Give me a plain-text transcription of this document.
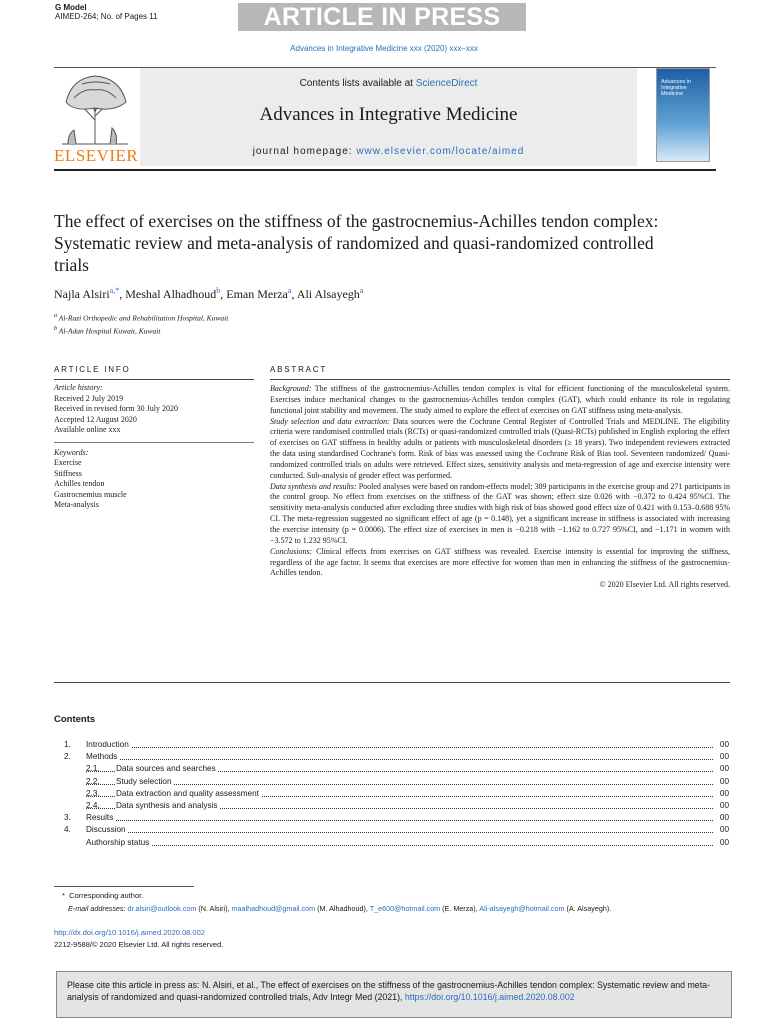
G Model
AIMED-264; No. of Pages 11	ARTICLE IN PRESS
Advances in Integrative Medicine xxx (2020) xxx–xxx
ELSEVIER
Contents lists available at ScienceDirect
Advances in Integrative Medicine
journal homepage: www.elsevier.com/locate/aimed
Advances in Integrative Medicine
The effect of exercises on the stiffness of the gastrocnemius-Achilles tendon complex: Systematic review and meta-analysis of randomized and quasi-randomized controlled trials
Najla Alsiri$^{a,*}$, Meshal Alhadhoud$^b$, Eman Merza$^a$, Ali Alsayegh$^a$
$^a$ Al-Razi Orthopedic and Rehabilitation Hospital, Kuwait
$^b$ Al-Adan Hospital Kuwait, Kuwait
ARTICLE INFO
Article history:
Received 2 July 2019
Received in revised form 30 July 2020
Accepted 12 August 2020
Available online xxx
Keywords:
Exercise
Stiffness
Achilles tendon
Gastrocnemius muscle
Meta-analysis
ABSTRACT
Background: The stiffness of the gastrocnemius-Achilles tendon complex is vital for efficient functioning of the musculoskeletal system. Exercises induce mechanical changes to the gastrocnemius-Achilles tendon complex (GAT), which could enhance its role in regulating functional joint stability and movement. The study aimed to explore the effect of exercises on GAT stiffness using meta-analysis.
Study selection and data extraction: Data sources were the Cochrane Central Register of Controlled Trials and MEDLINE. The eligibility criteria were randomised controlled trials (RCTs) or quasi-randomized controlled trials (Quasi-RCTs) published in English exploring the effect of exercises on GAT stiffness in healthy adults or patients with musculoskeletal disorders (≥ 18 years). Two independent reviewers extracted the data using standardised Cochrane's form. Risk of bias was assessed using the Cochrane Risk of Bias tool. Seventeen randomized/ Quasi-randomized controlled trials on adults were retrieved. Effect sizes, sensitivity analysis and meta-regression of age and exercise intensity were conducted. Sub-analysis of gender effect was performed.
Data synthesis and results: Pooled analyses were based on random-effects model; 389 participants in the exercise group and 271 participants in the control group. No effect from exercises on the stiffness of the GAT was shown; effect size 0.026 with −0.372 to 0.424 95%CI. The sensitivity meta-analysis conducted after excluding three studies with high risk of bias showed good effect size of 0.421 with 0.153–0.688 95% CI. The meta-regression suggested no significant effect of age (p = 0.148), yet a significant increase in stiffness is associated with increasing the exercise intensity (p = 0.0006). The effect size of exercises in men is −0.218 with −1.162 to 0.727 95%CI, and −1.171 in women with −3.572 to 1.232 95%CI.
Conclusions: Clinical effects from exercises on GAT stiffness was revealed. Exercise intensity is essential for improving the stiffness, regardless of the age factor. It seems that exercises are more effective for women than men in enhancing the stiffness of the gastrocnemius-Achilles tendon.
© 2020 Elsevier Ltd. All rights reserved.
Contents
1. Introduction	00
2. Methods	00
2.1. Data sources and searches	00
2.2. Study selection	00
2.3. Data extraction and quality assessment	00
2.4. Data synthesis and analysis	00
3. Results	00
4. Discussion	00
Authorship status	00
* Corresponding author.
E-mail addresses: dr.alsiri@outlook.com (N. Alsiri), maalhadhoud@gmail.com (M. Alhadhoud), T_e600@hotmail.com (E. Merza), Ali-alsayegh@hotmail.com (A. Alsayegh).
http://dx.doi.org/10.1016/j.aimed.2020.08.002
2212-9588/© 2020 Elsevier Ltd. All rights reserved.
Please cite this article in press as: N. Alsiri, et al., The effect of exercises on the stiffness of the gastrocnemius-Achilles tendon complex: Systematic review and meta-analysis of randomized and quasi-randomized controlled trials, Adv Integr Med (2021), https://doi.org/10.1016/j.aimed.2020.08.002
